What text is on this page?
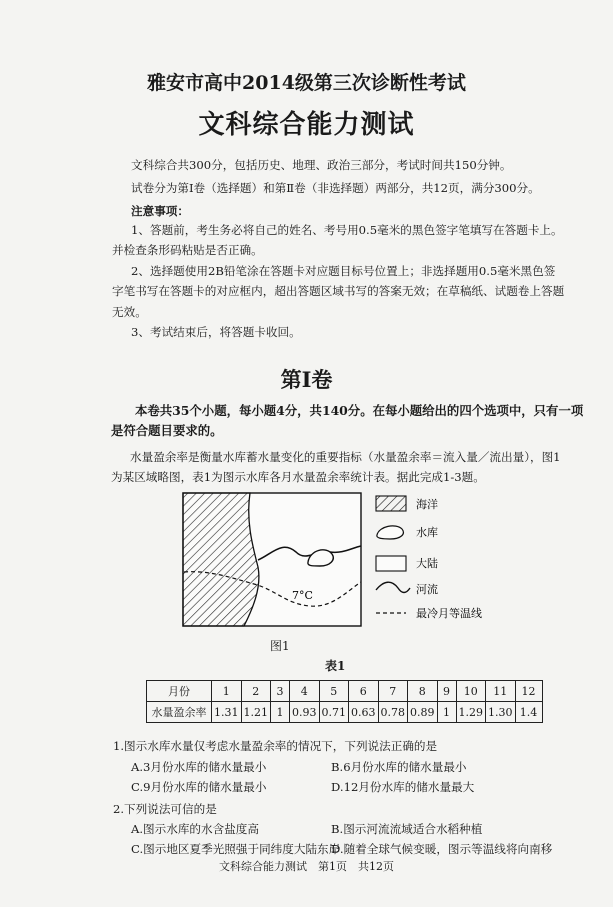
雅安市高中2014级第三次诊断性考试
文科综合能力测试
文科综合共300分，包括历史、地理、政治三部分，考试时间共150分钟。
试卷分为第Ⅰ卷（选择题）和第Ⅱ卷（非选择题）两部分，共12页，满分300分。
注意事项：
1、答题前，考生务必将自己的姓名、考号用0.5毫米的黑色签字笔填写在答题卡上。
并检查条形码粘贴是否正确。
2、选择题使用2B铅笔涂在答题卡对应题目标号位置上；非选择题用0.5毫米黑色签
字笔书写在答题卡的对应框内，超出答题区域书写的答案无效；在草稿纸、试题卷上答题
无效。
3、考试结束后，将答题卡收回。
第Ⅰ卷
本卷共35个小题，每小题4分，共140分。在每小题给出的四个选项中，只有一项
是符合题目要求的。
水量盈余率是衡量水库蓄水量变化的重要指标（水量盈余率＝流入量／流出量），图1
为某区域略图，表1为图示水库各月水量盈余率统计表。据此完成1-3题。
7°C
海洋
水库
大陆
河流
最冷月等温线
图1
表1
月份	1	2	3	4	5	6	7	8	9	10	11	12
水量盈余率	1.31	1.21	1	0.93	0.71	0.63	0.78	0.89	1	1.29	1.30	1.4
1.图示水库水量仅考虑水量盈余率的情况下，下列说法正确的是
A.3月份水库的储水量最小	B.6月份水库的储水量最小
C.9月份水库的储水量最小	D.12月份水库的储水量最大
2.下列说法可信的是
A.图示水库的水含盐度高	B.图示河流流域适合水稻种植
C.图示地区夏季光照强于同纬度大陆东岸
D.随着全球气候变暖，图示等温线将向南移
文科综合能力测试　第1页　共12页
